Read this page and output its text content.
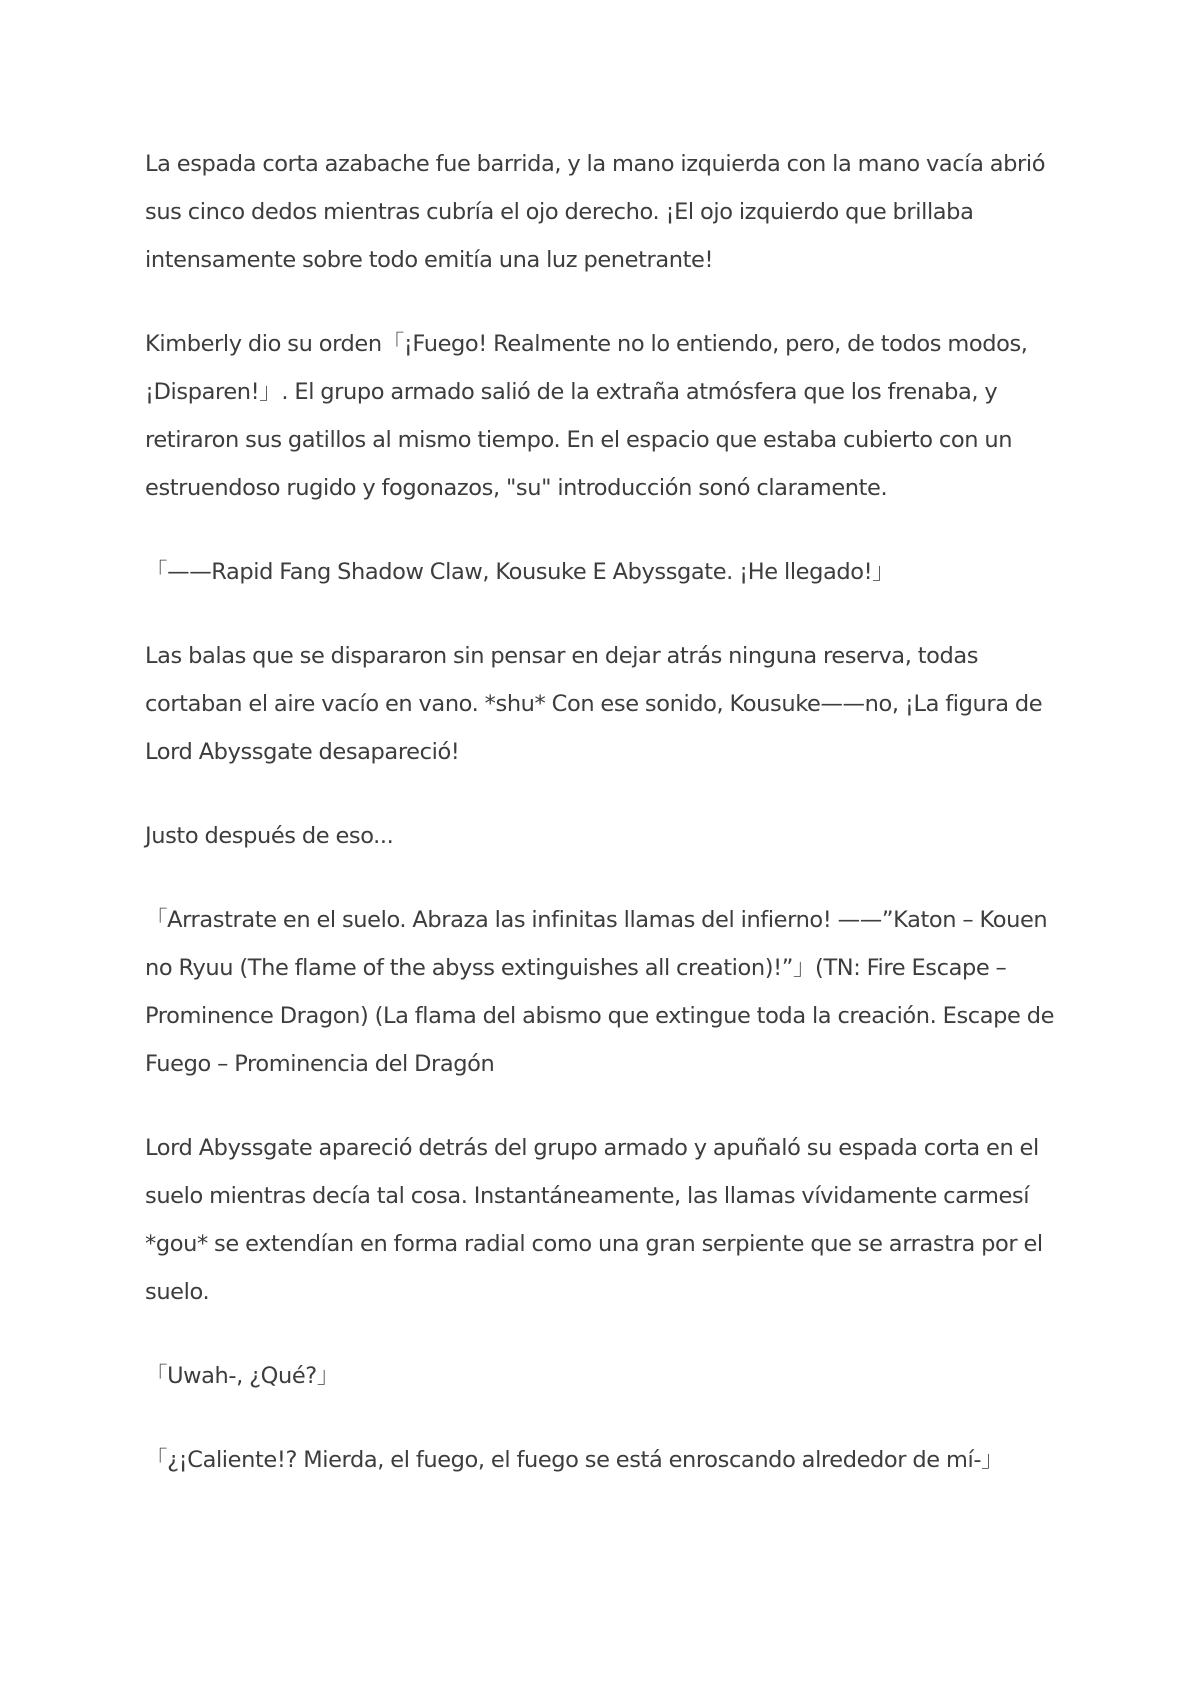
La espada corta azabache fue barrida, y la mano izquierda con la mano vacía abrió sus cinco dedos mientras cubría el ojo derecho. ¡El ojo izquierdo que brillaba intensamente sobre todo emitía una luz penetrante!

Kimberly dio su orden「¡Fuego! Realmente no lo entiendo, pero, de todos modos, ¡Disparen!」. El grupo armado salió de la extraña atmósfera que los frenaba, y retiraron sus gatillos al mismo tiempo. En el espacio que estaba cubierto con un estruendoso rugido y fogonazos, "su" introducción sonó claramente.

「——Rapid Fang Shadow Claw, Kousuke E Abyssgate. ¡He llegado!」

Las balas que se dispararon sin pensar en dejar atrás ninguna reserva, todas cortaban el aire vacío en vano. *shu* Con ese sonido, Kousuke——no, ¡La figura de Lord Abyssgate desapareció!

Justo después de eso...

「Arrastrate en el suelo. Abraza las infinitas llamas del infierno! ——”Katon – Kouen no Ryuu (The flame of the abyss extinguishes all creation)!”」(TN: Fire Escape – Prominence Dragon) (La flama del abismo que extingue toda la creación. Escape de Fuego – Prominencia del Dragón

Lord Abyssgate apareció detrás del grupo armado y apuñaló su espada corta en el suelo mientras decía tal cosa. Instantáneamente, las llamas vívidamente carmesí *gou* se extendían en forma radial como una gran serpiente que se arrastra por el suelo.

「Uwah-, ¿Qué?」

「¿¡Caliente!? Mierda, el fuego, el fuego se está enroscando alrededor de mí-」
